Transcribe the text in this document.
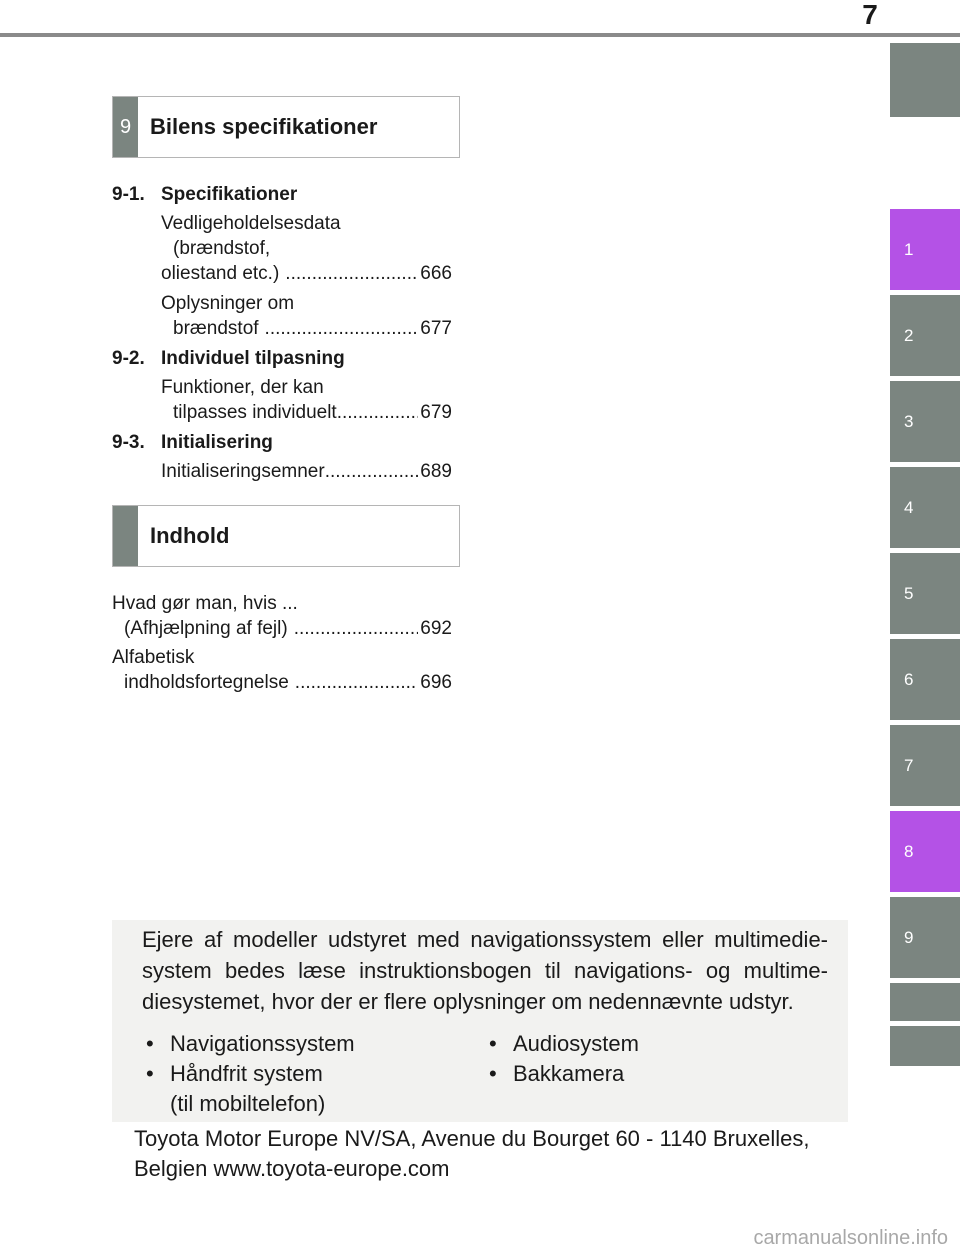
7
1
2
3
4
5
6
7
8
9
9 Bilens specifikationer
9-1. Specifikationer
Vedligeholdelsesdata
(brændstof,
oliestand etc.) .....	666
Oplysninger om
brændstof .....	677
9-2. Individuel tilpasning
Funktioner, der kan
tilpasses individuelt .....	679
9-3. Initialisering
Initialiseringsemner .....	689
Indhold
Hvad gør man, hvis ...
(Afhjælpning af fejl) .....	692
Alfabetisk
indholdsfortegnelse .....	696

Ejere af modeller udstyret med navigationssystem eller multimedie-system bedes læse instruktionsbogen til navigations- og multime-diesystemet, hvor der er flere oplysninger om nedennævnte udstyr.

• Navigationssystem
• Håndfrit system
(til mobiltelefon)
• Audiosystem
• Bakkamera
Toyota Motor Europe NV/SA, Avenue du Bourget 60 - 1140 Bruxelles,
Belgien www.toyota-europe.com
carmanualsonline.info
